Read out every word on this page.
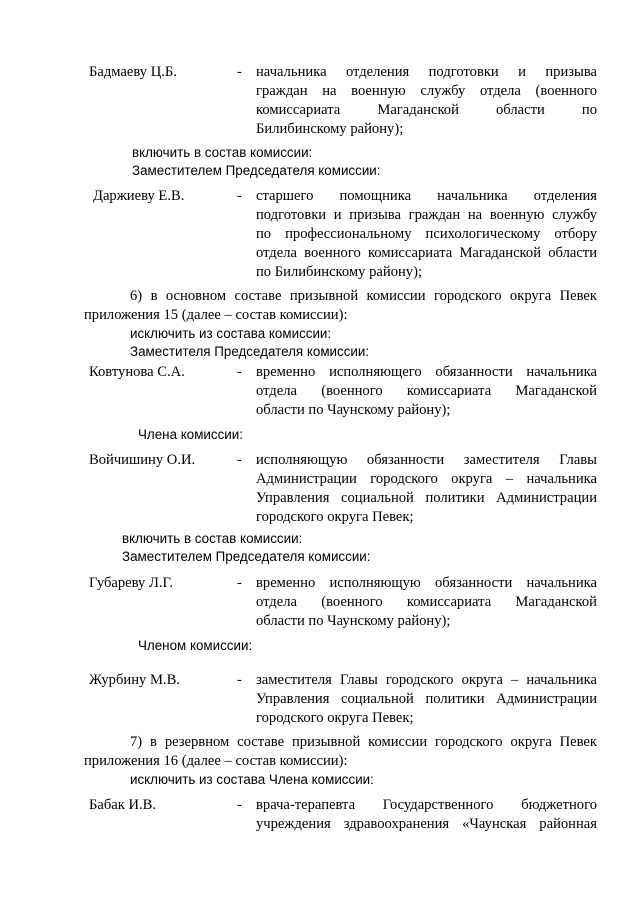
Бадмаеву Ц.Б.	- начальника отделения подготовки и призыва
граждан на военную службу отдела (военного
комиссариата Магаданской области по
Билибинскому району);
включить в состав комиссии:
Заместителем Председателя комиссии:
Даржиеву Е.В.	- старшего помощника начальника отделения
подготовки и призыва граждан на военную службу
по профессиональному психологическому отбору
отдела военного комиссариата Магаданской области
по Билибинскому району);
6) в основном составе призывной комиссии городского округа Певек
приложения 15 (далее – состав комиссии):
исключить из состава комиссии:
Заместителя Председателя комиссии:
Ковтунова С.А.	- временно исполняющего обязанности начальника
отдела (военного комиссариата Магаданской
области по Чаунскому району);
Члена комиссии:
Войчишину О.И.	- исполняющую обязанности заместителя Главы
Администрации городского округа – начальника
Управления социальной политики Администрации
городского округа Певек;
включить в состав комиссии:
Заместителем Председателя комиссии:
Губареву Л.Г.	- временно исполняющую обязанности начальника
отдела (военного комиссариата Магаданской
области по Чаунскому району);
Членом комиссии:
Журбину М.В.	- заместителя Главы городского округа – начальника
Управления социальной политики Администрации
городского округа Певек;
7) в резервном составе призывной комиссии городского округа Певек
приложения 16 (далее – состав комиссии):
исключить из состава Члена комиссии:
Бабак И.В.	- врача-терапевта Государственного бюджетного
учреждения здравоохранения «Чаунская районная
